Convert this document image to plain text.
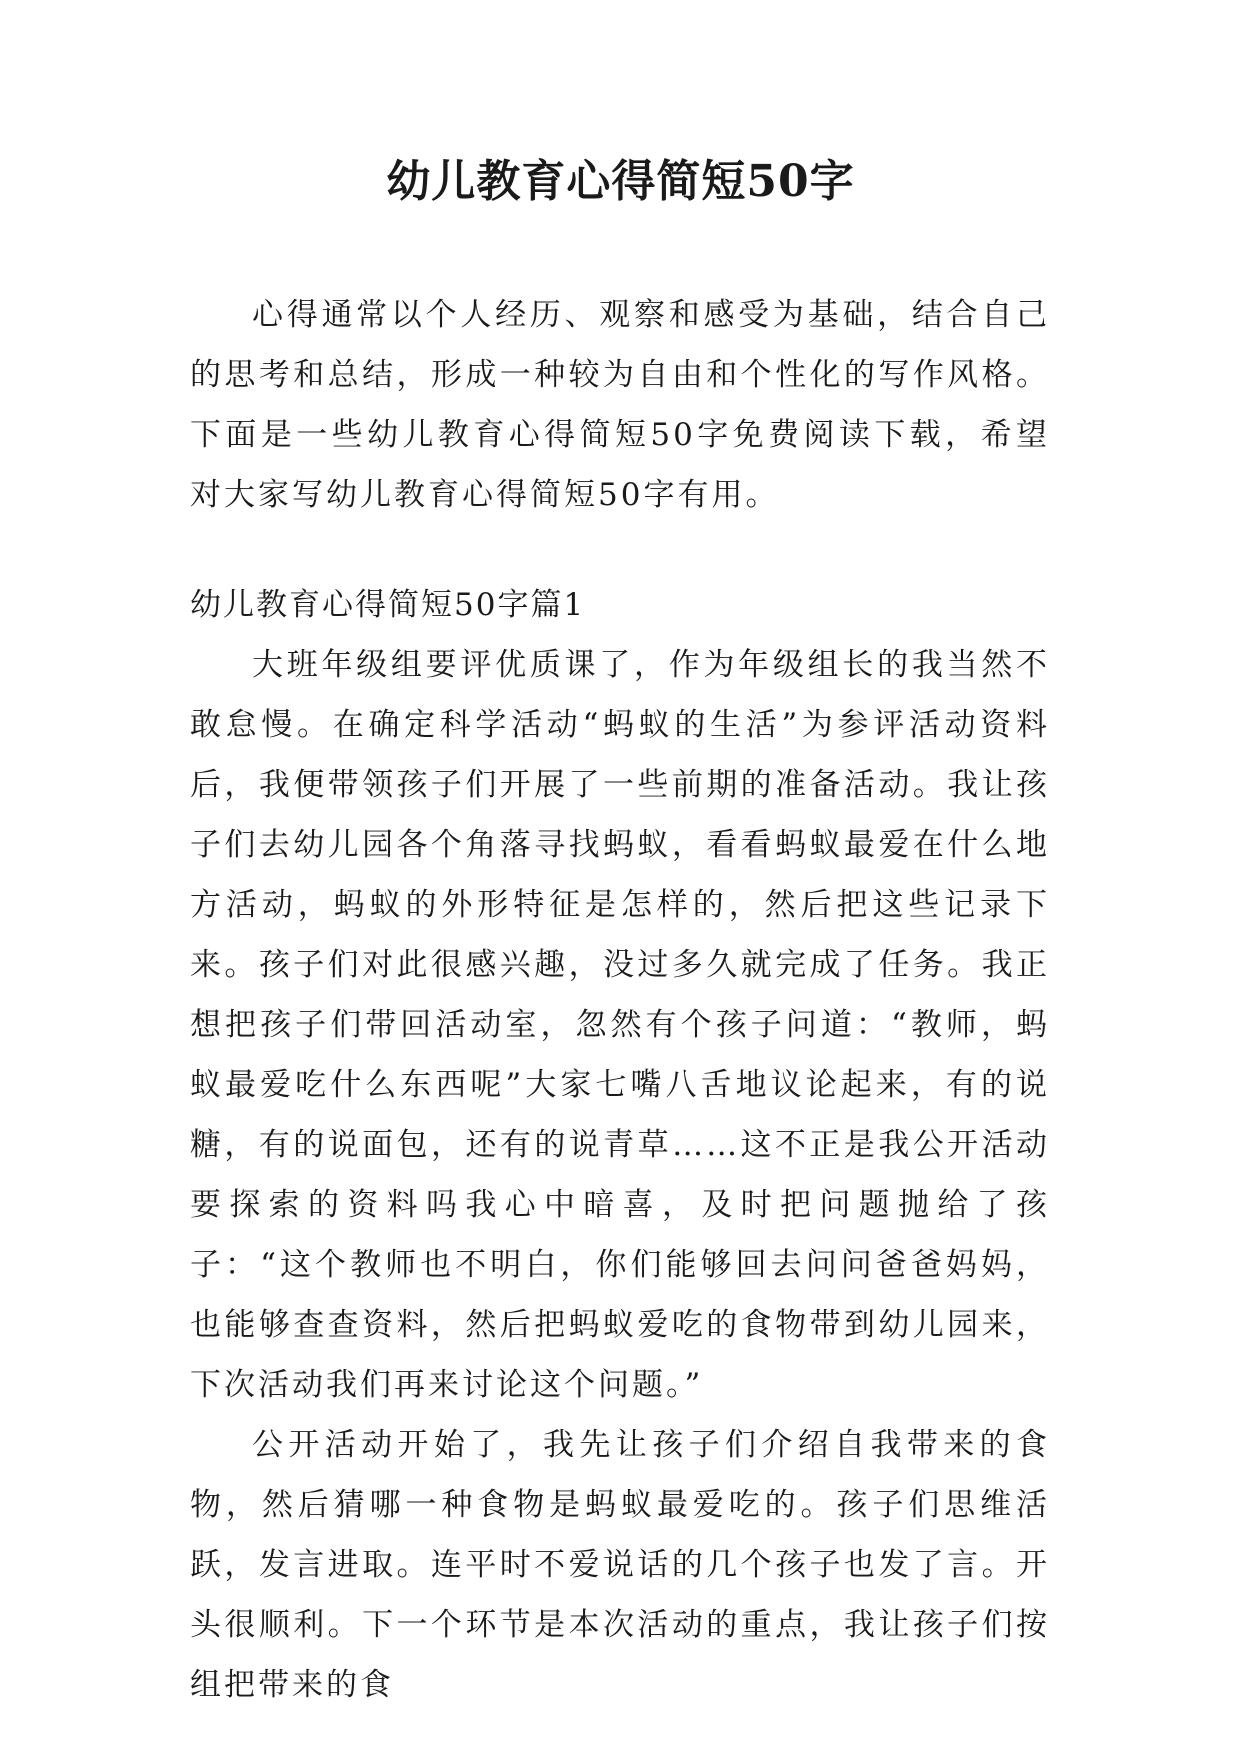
幼儿教育心得简短50字

心得通常以个人经历、观察和感受为基础，结合自己的思考和总结，形成一种较为自由和个性化的写作风格。下面是一些幼儿教育心得简短50字免费阅读下载，希望对大家写幼儿教育心得简短50字有用。

幼儿教育心得简短50字篇1

大班年级组要评优质课了，作为年级组长的我当然不敢怠慢。在确定科学活动“蚂蚁的生活”为参评活动资料后，我便带领孩子们开展了一些前期的准备活动。我让孩子们去幼儿园各个角落寻找蚂蚁，看看蚂蚁最爱在什么地方活动，蚂蚁的外形特征是怎样的，然后把这些记录下来。孩子们对此很感兴趣，没过多久就完成了任务。我正想把孩子们带回活动室，忽然有个孩子问道：“教师，蚂蚁最爱吃什么东西呢”大家七嘴八舌地议论起来，有的说糖，有的说面包，还有的说青草……这不正是我公开活动要探索的资料吗我心中暗喜，及时把问题抛给了孩子：“这个教师也不明白，你们能够回去问问爸爸妈妈，也能够查查资料，然后把蚂蚁爱吃的食物带到幼儿园来，下次活动我们再来讨论这个问题。”

公开活动开始了，我先让孩子们介绍自我带来的食物，然后猜哪一种食物是蚂蚁最爱吃的。孩子们思维活跃，发言进取。连平时不爱说话的几个孩子也发了言。开头很顺利。下一个环节是本次活动的重点，我让孩子们按组把带来的食
